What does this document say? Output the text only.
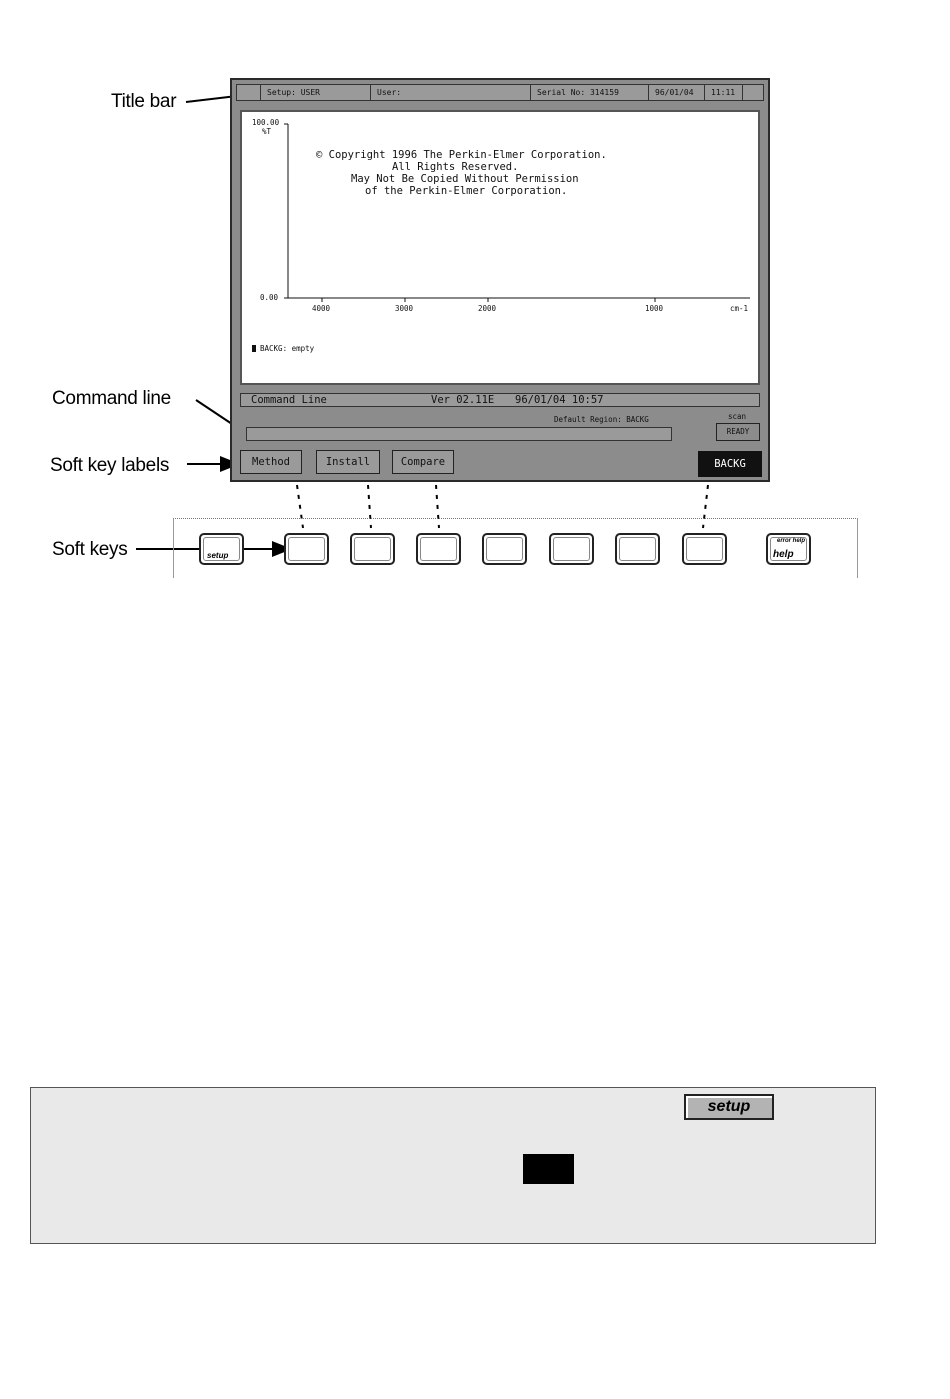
Title bar
Command line
Soft key labels
Soft keys
Setup: USER	User:	Serial No: 314159	96/01/04	11:11
100.00
%T
0.00
4000	3000	2000	1000	cm-1
© Copyright 1996 The Perkin-Elmer Corporation.
All Rights Reserved.
May Not Be Copied Without Permission
of the Perkin-Elmer Corporation.
BACKG: empty
Command Line	Ver 02.11E 96/01/04 10:57
Default Region: BACKG	scan
READY
Method	Install	Compare	BACKG
setup
error help
help
setup
